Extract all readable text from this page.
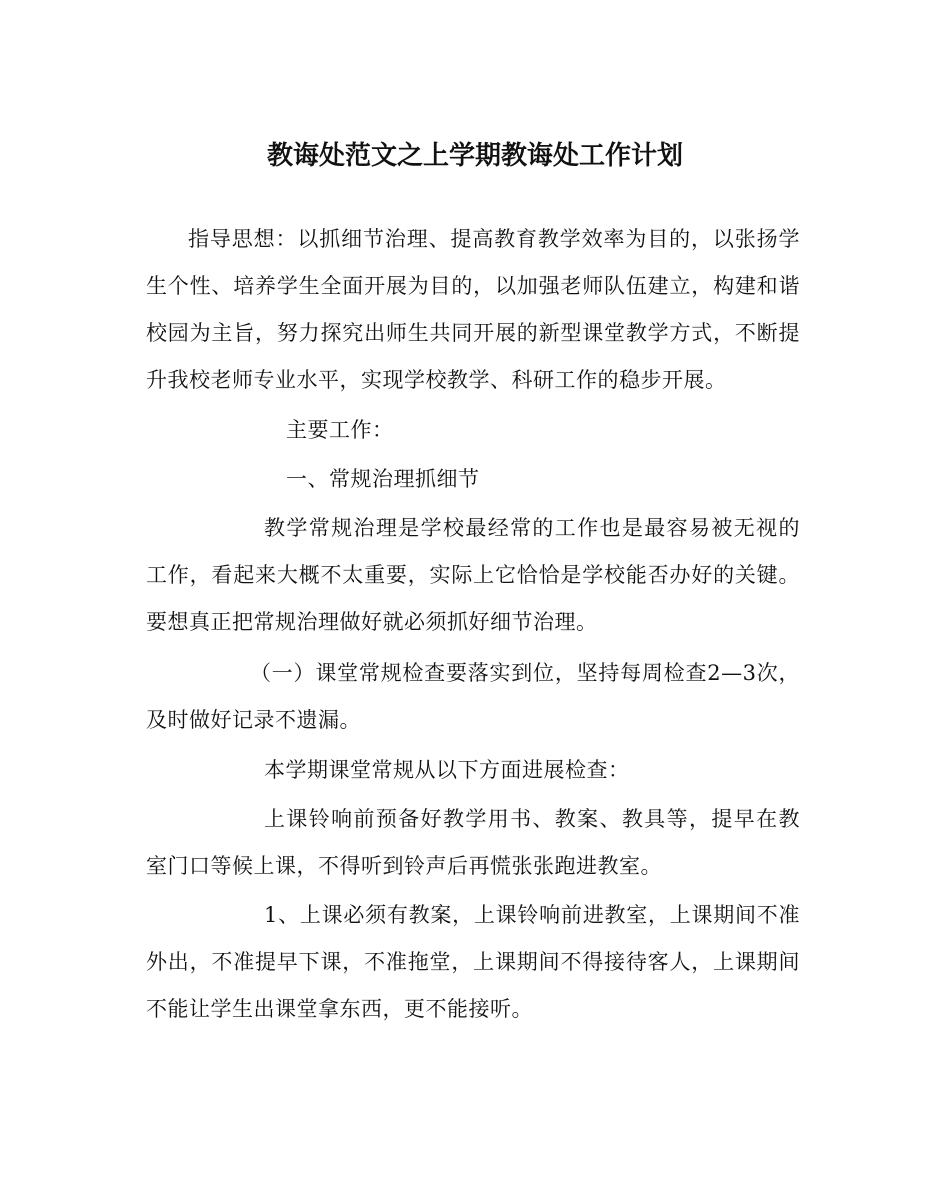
教诲处范文之上学期教诲处工作计划

指导思想：以抓细节治理、提高教育教学效率为目的，以张扬学生个性、培养学生全面开展为目的，以加强老师队伍建立，构建和谐校园为主旨，努力探究出师生共同开展的新型课堂教学方式，不断提升我校老师专业水平，实现学校教学、科研工作的稳步开展。

主要工作：

一、常规治理抓细节

教学常规治理是学校最经常的工作也是最容易被无视的工作，看起来大概不太重要，实际上它恰恰是学校能否办好的关键。要想真正把常规治理做好就必须抓好细节治理。

（一）课堂常规检查要落实到位，坚持每周检查2—3次，及时做好记录不遗漏。

本学期课堂常规从以下方面进展检查：

上课铃响前预备好教学用书、教案、教具等，提早在教室门口等候上课，不得听到铃声后再慌张张跑进教室。

1、上课必须有教案，上课铃响前进教室，上课期间不准外出，不准提早下课，不准拖堂，上课期间不得接待客人，上课期间不能让学生出课堂拿东西，更不能接听。
